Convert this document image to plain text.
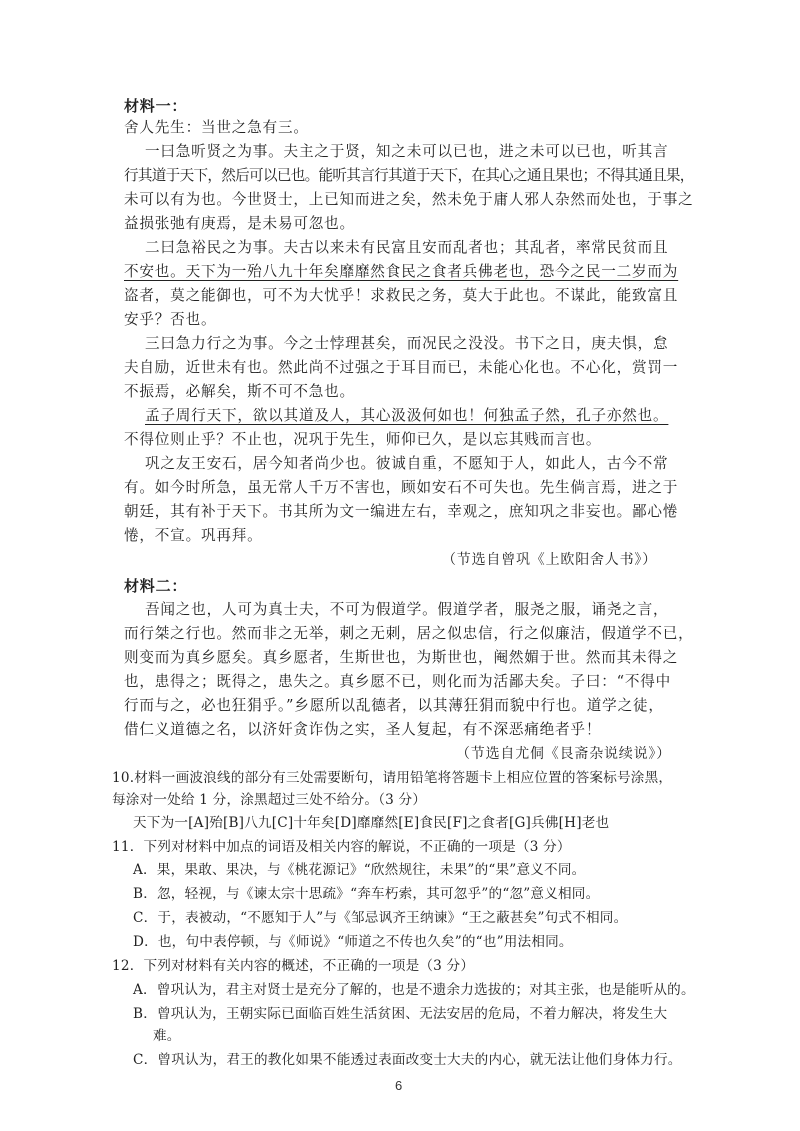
材料一：
舍人先生：当世之急有三。
一曰急听贤之为事。夫主之于贤，知之未可以已也，进之未可以已也，听其言
行其道于天下，然后可以已也。能听其言行其道于天下，在其心之通且果也；不得其通且果，
未可以有为也。今世贤士，上已知而进之矣，然未免于庸人邪人杂然而处也，于事之
益损张弛有庚焉，是未易可忽也。
二曰急裕民之为事。夫古以来未有民富且安而乱者也；其乱者，率常民贫而且
不安也。天下为一殆八九十年矣靡靡然食民之食者兵佛老也，恐今之民一二岁而为
盗者，莫之能御也，可不为大忧乎！求救民之务，莫大于此也。不谋此，能致富且
安乎？否也。
三曰急力行之为事。今之士悖理甚矣，而况民之没没。书下之日，庚夫惧，怠
夫自励，近世未有也。然此尚不过强之于耳目而已，未能心化也。不心化，赏罚一
不振焉，必解矣，斯不可不急也。
孟子周行天下，欲以其道及人，其心汲汲何如也！何独孟子然，孔子亦然也。
不得位则止乎？不止也，况巩于先生，师仰已久，是以忘其贱而言也。
巩之友王安石，居今知者尚少也。彼诚自重，不愿知于人，如此人，古今不常
有。如今时所急，虽无常人千万不害也，顾如安石不可失也。先生倘言焉，进之于
朝廷，其有补于天下。书其所为文一编进左右，幸观之，庶知巩之非妄也。鄙心惓
惓，不宣。巩再拜。
（节选自曾巩《上欧阳舍人书》）
材料二：
吾闻之也，人可为真士夫，不可为假道学。假道学者，服尧之服，诵尧之言，
而行桀之行也。然而非之无举，刺之无刺，居之似忠信，行之似廉洁，假道学不已，
则变而为真乡愿矣。真乡愿者，生斯世也，为斯世也，阉然媚于世。然而其未得之
也，患得之；既得之，患失之。真乡愿不已，则化而为活鄙夫矣。子曰：“不得中
行而与之，必也狂狷乎。”乡愿所以乱德者，以其薄狂狷而貌中行也。道学之徒，
借仁义道德之名，以济奸贪诈伪之实，圣人复起，有不深恶痛绝者乎！
（节选自尤侗《艮斋杂说续说》）
10.材料一画波浪线的部分有三处需要断句，请用铅笔将答题卡上相应位置的答案标号涂黑，
每涂对一处给 1 分，涂黑超过三处不给分。（3 分）
天下为一[A]殆[B]八九[C]十年矣[D]靡靡然[E]食民[F]之食者[G]兵佛[H]老也
11．下列对材料中加点的词语及相关内容的解说，不正确的一项是（3 分）
A．果，果敢、果决，与《桃花源记》“欣然规往，未果”的“果”意义不同。
B．忽，轻视，与《谏太宗十思疏》“奔车朽索，其可忽乎”的“忽”意义相同。
C．于，表被动，“不愿知于人”与《邹忌讽齐王纳谏》“王之蔽甚矣”句式不相同。
D．也，句中表停顿，与《师说》“师道之不传也久矣”的“也”用法相同。
12．下列对材料有关内容的概述，不正确的一项是（3 分）
A．曾巩认为，君主对贤士是充分了解的，也是不遗余力选拔的；对其主张，也是能听从的。
B．曾巩认为，王朝实际已面临百姓生活贫困、无法安居的危局，不着力解决，将发生大
难。
C．曾巩认为，君王的教化如果不能透过表面改变士大夫的内心，就无法让他们身体力行。
6
